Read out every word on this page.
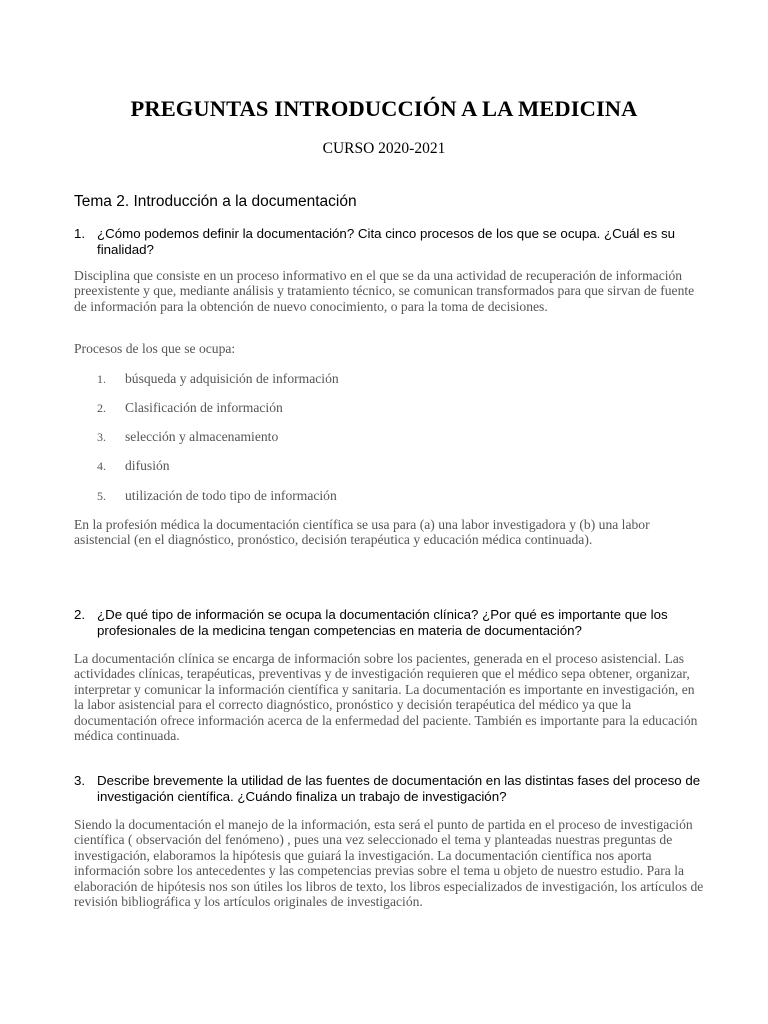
PREGUNTAS INTRODUCCIÓN A LA MEDICINA
CURSO 2020-2021
Tema 2. Introducción a la documentación
1. ¿Cómo podemos definir la documentación? Cita cinco procesos de los que se ocupa. ¿Cuál es su finalidad?

Disciplina que consiste en un proceso informativo en el que se da una actividad de recuperación de información preexistente y que, mediante análisis y tratamiento técnico, se comunican transformados para que sirvan de fuente de información para la obtención de nuevo conocimiento, o para la toma de decisiones.

Procesos de los que se ocupa:

1. búsqueda y adquisición de información
2. Clasificación de información
3. selección y almacenamiento
4. difusión
5. utilización de todo tipo de información

En la profesión médica la documentación científica se usa para (a) una labor investigadora y (b) una labor asistencial (en el diagnóstico, pronóstico, decisión terapéutica y educación médica continuada).

2. ¿De qué tipo de información se ocupa la documentación clínica? ¿Por qué es importante que los profesionales de la medicina tengan competencias en materia de documentación?

La documentación clínica se encarga de información sobre los pacientes, generada en el proceso asistencial. Las actividades clínicas, terapéuticas, preventivas y de investigación requieren que el médico sepa obtener, organizar, interpretar y comunicar la información científica y sanitaria. La documentación es importante en investigación, en la labor asistencial para el correcto diagnóstico, pronóstico y decisión terapéutica del médico ya que la documentación ofrece información acerca de la enfermedad del paciente. También es importante para la educación médica continuada.

3. Describe brevemente la utilidad de las fuentes de documentación en las distintas fases del proceso de investigación científica. ¿Cuándo finaliza un trabajo de investigación?

Siendo la documentación el manejo de la información, esta será el punto de partida en el proceso de investigación científica ( observación del fenómeno) , pues una vez seleccionado el tema y planteadas nuestras preguntas de investigación, elaboramos la hipótesis que guiará la investigación. La documentación científica nos aporta información sobre los antecedentes y las competencias previas sobre el tema u objeto de nuestro estudio. Para la elaboración de hipótesis nos son útiles los libros de texto, los libros especializados de investigación, los artículos de revisión bibliográfica y los artículos originales de investigación.
